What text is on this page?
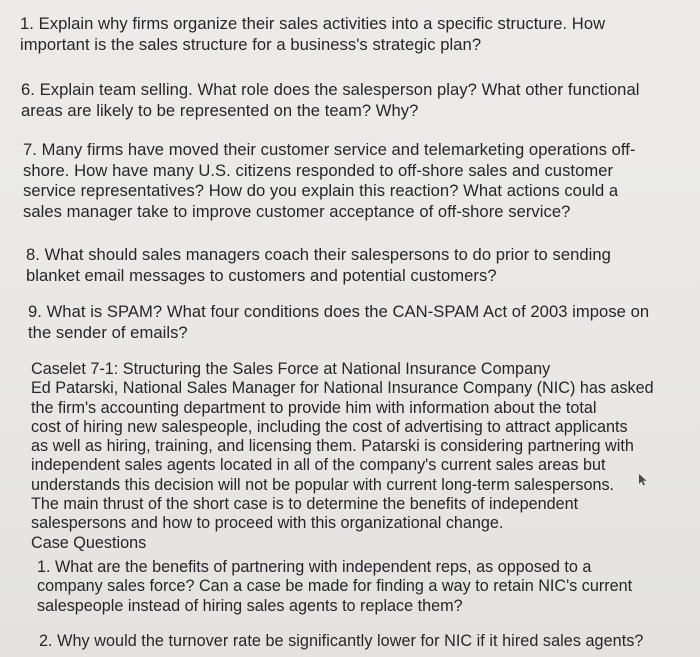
1. Explain why firms organize their sales activities into a specific structure. How
important is the sales structure for a business's strategic plan?
6. Explain team selling. What role does the salesperson play? What other functional
areas are likely to be represented on the team? Why?
7. Many firms have moved their customer service and telemarketing operations off-
shore. How have many U.S. citizens responded to off-shore sales and customer
service representatives? How do you explain this reaction? What actions could a
sales manager take to improve customer acceptance of off-shore service?
8. What should sales managers coach their salespersons to do prior to sending
blanket email messages to customers and potential customers?
9. What is SPAM? What four conditions does the CAN-SPAM Act of 2003 impose on
the sender of emails?
Caselet 7-1: Structuring the Sales Force at National Insurance Company
Ed Patarski, National Sales Manager for National Insurance Company (NIC) has asked
the firm's accounting department to provide him with information about the total
cost of hiring new salespeople, including the cost of advertising to attract applicants
as well as hiring, training, and licensing them. Patarski is considering partnering with
independent sales agents located in all of the company's current sales areas but
understands this decision will not be popular with current long-term salespersons.
The main thrust of the short case is to determine the benefits of independent
salespersons and how to proceed with this organizational change.
Case Questions
1. What are the benefits of partnering with independent reps, as opposed to a
company sales force? Can a case be made for finding a way to retain NIC's current
salespeople instead of hiring sales agents to replace them?
2. Why would the turnover rate be significantly lower for NIC if it hired sales agents?
